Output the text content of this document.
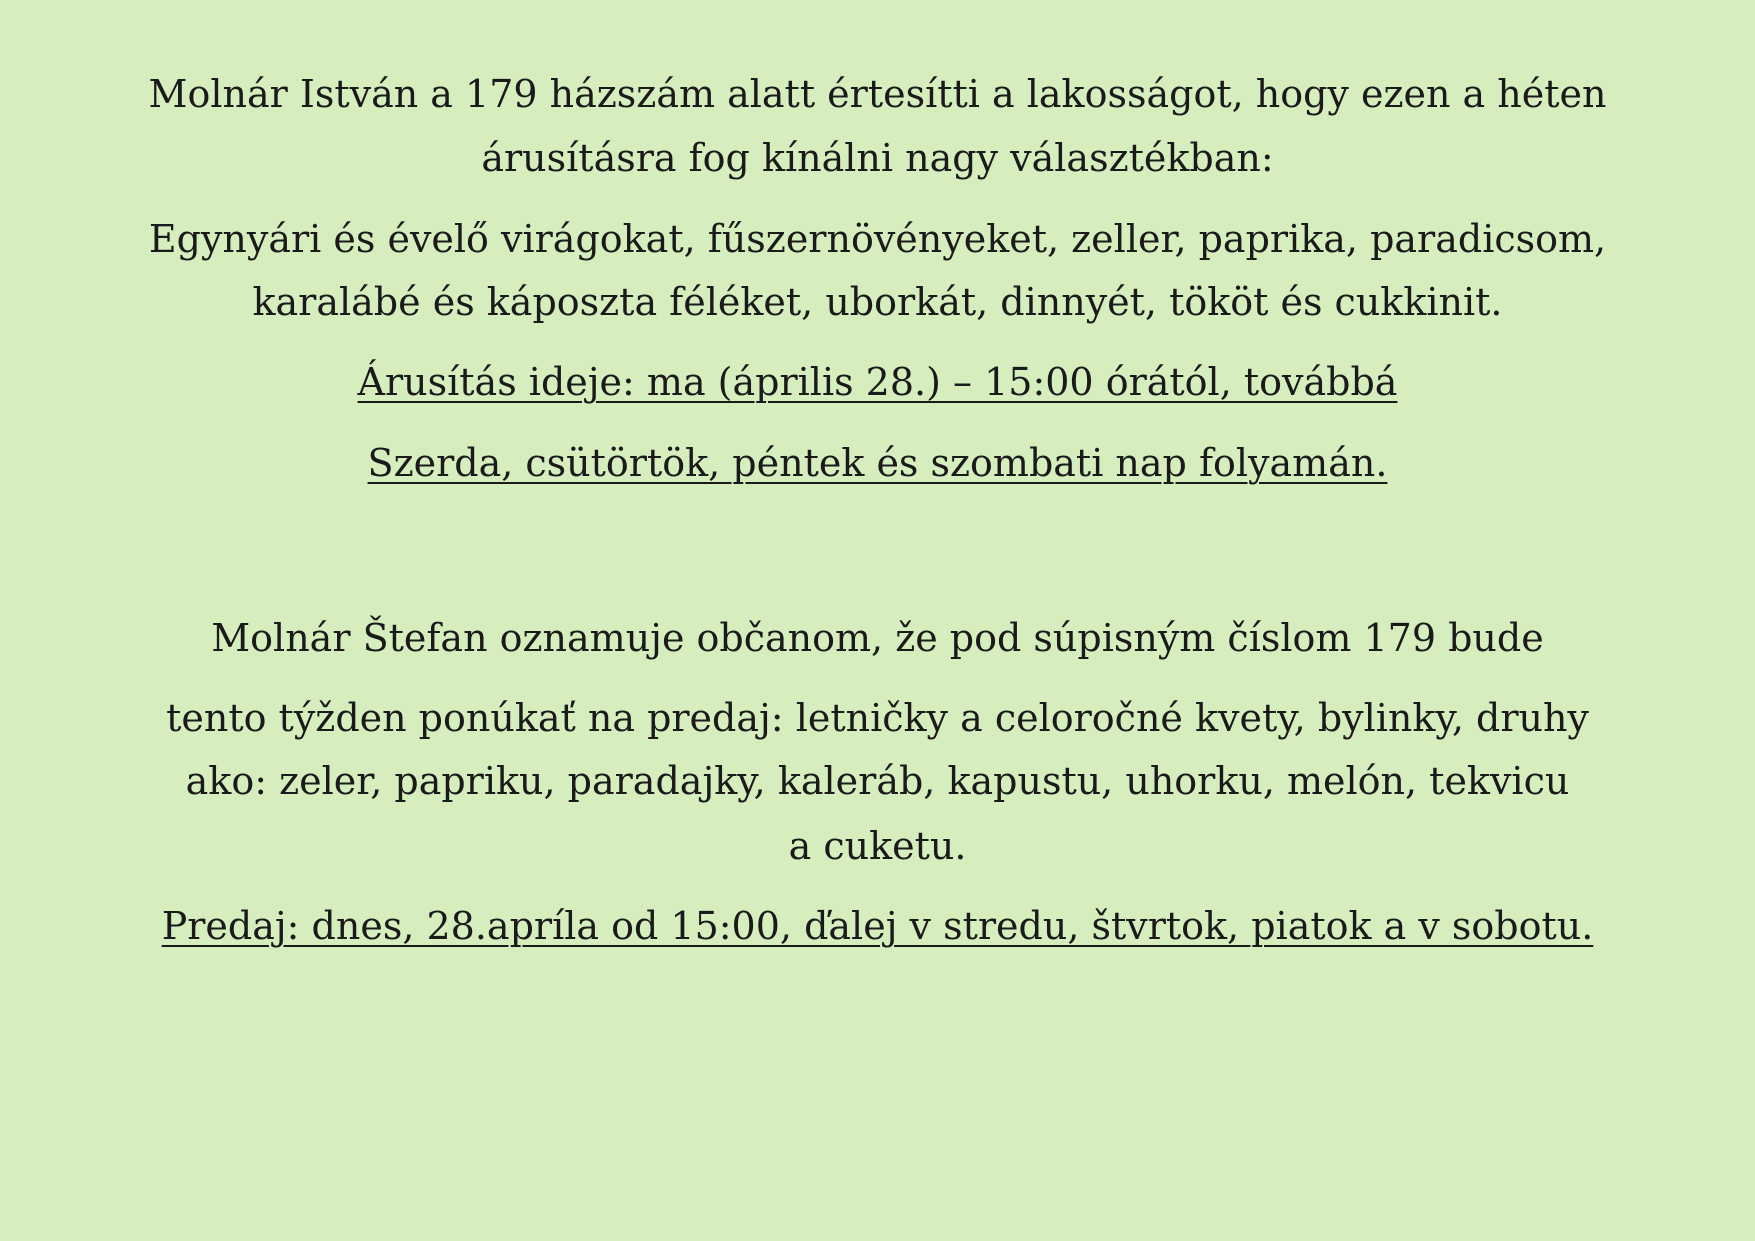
Molnár István a 179 házszám alatt értesítti a lakosságot, hogy ezen a héten
árusításra fog kínálni nagy választékban:
Egynyári és évelő virágokat, fűszernövényeket, zeller, paprika, paradicsom,
karalábé és káposzta féléket, uborkát, dinnyét, tököt és cukkinit.
Árusítás ideje: ma (április 28.) – 15:00 órától, továbbá
Szerda, csütörtök, péntek és szombati nap folyamán.
Molnár Štefan oznamuje občanom, že pod súpisným číslom 179 bude
tento týžden ponúkať na predaj: letničky a celoročné kvety, bylinky, druhy
ako: zeler, papriku, paradajky, kaleráb, kapustu, uhorku, melón, tekvicu
a cuketu.
Predaj: dnes, 28.apríla od 15:00, ďalej v stredu, štvrtok, piatok a v sobotu.
